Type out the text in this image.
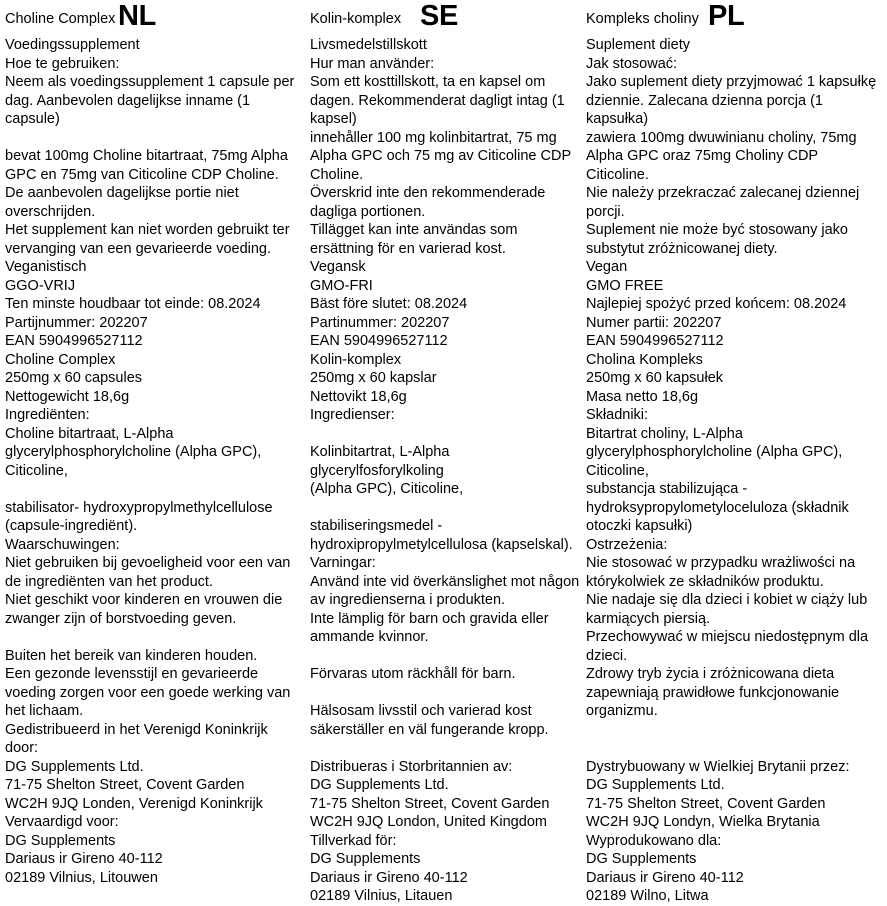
Choline Complex NL
Voedingssupplement
Hoe te gebruiken:
Neem als voedingssupplement 1 capsule per
dag. Aanbevolen dagelijkse inname (1
capsule)

bevat 100mg Choline bitartraat, 75mg Alpha
GPC en 75mg van Citicoline CDP Choline.
De aanbevolen dagelijkse portie niet
overschrijden.
Het supplement kan niet worden gebruikt ter
vervanging van een gevarieerde voeding.
Veganistisch
GGO-VRIJ
Ten minste houdbaar tot einde: 08.2024
Partijnummer: 202207
EAN 5904996527112
Choline Complex
250mg x 60 capsules
Nettogewicht 18,6g
Ingrediënten:
Choline bitartraat, L-Alpha
glycerylphosphorylcholine (Alpha GPC),
Citicoline,

stabilisator- hydroxypropylmethylcellulose
(capsule-ingrediënt).
Waarschuwingen:
Niet gebruiken bij gevoeligheid voor een van
de ingrediënten van het product.
Niet geschikt voor kinderen en vrouwen die
zwanger zijn of borstvoeding geven.

Buiten het bereik van kinderen houden.
Een gezonde levensstijl en gevarieerde
voeding zorgen voor een goede werking van
het lichaam.
Gedistribueerd in het Verenigd Koninkrijk
door:
DG Supplements Ltd.
71-75 Shelton Street, Covent Garden
WC2H 9JQ Londen, Verenigd Koninkrijk
Vervaardigd voor:
DG Supplements
Dariaus ir Gireno 40-112
02189 Vilnius, Litouwen
Kolin-komplex SE
Livsmedelstillskott
Hur man använder:
Som ett kosttillskott, ta en kapsel om
dagen. Rekommenderat dagligt intag (1
kapsel)
innehåller 100 mg kolinbitartrat, 75 mg
Alpha GPC och 75 mg av Citicoline CDP
Choline.
Överskrid inte den rekommenderade
dagliga portionen.
Tillägget kan inte användas som
ersättning för en varierad kost.
Vegansk
GMO-FRI
Bäst före slutet: 08.2024
Partinummer: 202207
EAN 5904996527112
Kolin-komplex
250mg x 60 kapslar
Nettovikt 18,6g
Ingredienser:

Kolinbitartrat, L-Alpha glycerylfosforylkoling
(Alpha GPC), Citicoline,

stabiliseringsmedel -
hydroxipropylmetylcellulosa (kapselskal).
Varningar:
Använd inte vid överkänslighet mot någon
av ingredienserna i produkten.
Inte lämplig för barn och gravida eller
ammande kvinnor.

Förvaras utom räckhåll för barn.

Hälsosam livsstil och varierad kost
säkerställer en väl fungerande kropp.

Distribueras i Storbritannien av:
DG Supplements Ltd.
71-75 Shelton Street, Covent Garden
WC2H 9JQ London, United Kingdom
Tillverkad för:
DG Supplements
Dariaus ir Gireno 40-112
02189 Vilnius, Litauen
Kompleks choliny PL
Suplement diety
Jak stosować:
Jako suplement diety przyjmować 1 kapsułkę
dziennie. Zalecana dzienna porcja (1
kapsułka)
zawiera 100mg dwuwinianu choliny, 75mg
Alpha GPC oraz 75mg Choliny CDP
Citicoline.
Nie należy przekraczać zalecanej dziennej
porcji.
Suplement nie może być stosowany jako
substytut zróżnicowanej diety.
Vegan
GMO FREE
Najlepiej spożyć przed końcem: 08.2024
Numer partii: 202207
EAN 5904996527112
Cholina Kompleks
250mg x 60 kapsułek
Masa netto 18,6g
Składniki:
Bitartrat choliny, L-Alpha
glycerylphosphorylcholine (Alpha GPC),
Citicoline,
substancja stabilizująca -
hydroksypropylometyloceluloza (składnik
otoczki kapsułki)
Ostrzeżenia:
Nie stosować w przypadku wrażliwości na
którykolwiek ze składników produktu.
Nie nadaje się dla dzieci i kobiet w ciąży lub
karmiących piersią.
Przechowywać w miejscu niedostępnym dla
dzieci.
Zdrowy tryb życia i zróżnicowana dieta
zapewniają prawidłowe funkcjonowanie
organizmu.

Dystrybuowany w Wielkiej Brytanii przez:
DG Supplements Ltd.
71-75 Shelton Street, Covent Garden
WC2H 9JQ Londyn, Wielka Brytania
Wyprodukowano dla:
DG Supplements
Dariaus ir Gireno 40-112
02189 Wilno, Litwa
